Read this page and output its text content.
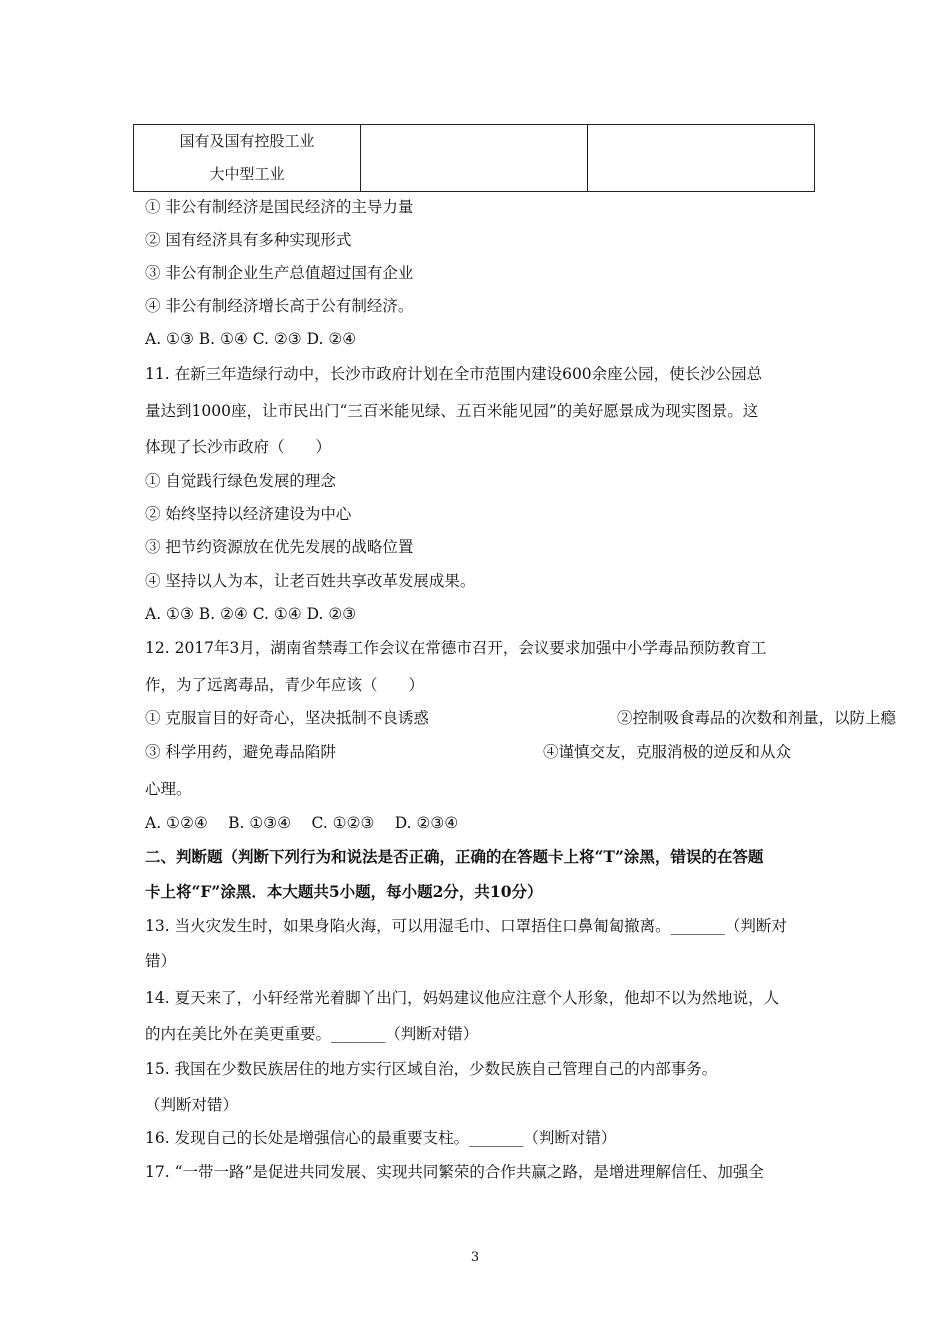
国有及国有控股工业
大中型工业

① 非公有制经济是国民经济的主导力量
② 国有经济具有多种实现形式
③ 非公有制企业生产总值超过国有企业
④ 非公有制经济增长高于公有制经济。
A. ①③ B. ①④ C. ②③ D. ②④
11. 在新三年造绿行动中，长沙市政府计划在全市范围内建设600余座公园，使长沙公园总
量达到1000座，让市民出门“三百米能见绿、五百米能见园”的美好愿景成为现实图景。这
体现了长沙市政府（　　）
① 自觉践行绿色发展的理念
② 始终坚持以经济建设为中心
③ 把节约资源放在优先发展的战略位置
④ 坚持以人为本，让老百姓共享改革发展成果。
A. ①③ B. ②④ C. ①④ D. ②③
12. 2017年3月，湖南省禁毒工作会议在常德市召开，会议要求加强中小学毒品预防教育工
作，为了远离毒品，青少年应该（　　）
① 克服盲目的好奇心，坚决抵制不良诱惑	②控制吸食毒品的次数和剂量，以防上瘾
③ 科学用药，避免毒品陷阱	④谨慎交友，克服消极的逆反和从众
心理。
A. ①②④　 B. ①③④　 C. ①②③　 D. ②③④
二、判断题（判断下列行为和说法是否正确，正确的在答题卡上将“T”涂黑，错误的在答题
卡上将“F”涂黑．本大题共5小题，每小题2分，共10分）
13. 当火灾发生时，如果身陷火海，可以用湿毛巾、口罩捂住口鼻匍匐撤离。_______（判断对
错）
14. 夏天来了，小轩经常光着脚丫出门，妈妈建议他应注意个人形象，他却不以为然地说，人
的内在美比外在美更重要。_______（判断对错）
15. 我国在少数民族居住的地方实行区域自治，少数民族自己管理自己的内部事务。
（判断对错）
16. 发现自己的长处是增强信心的最重要支柱。_______（判断对错）
17. “一带一路”是促进共同发展、实现共同繁荣的合作共赢之路，是增进理解信任、加强全
3
